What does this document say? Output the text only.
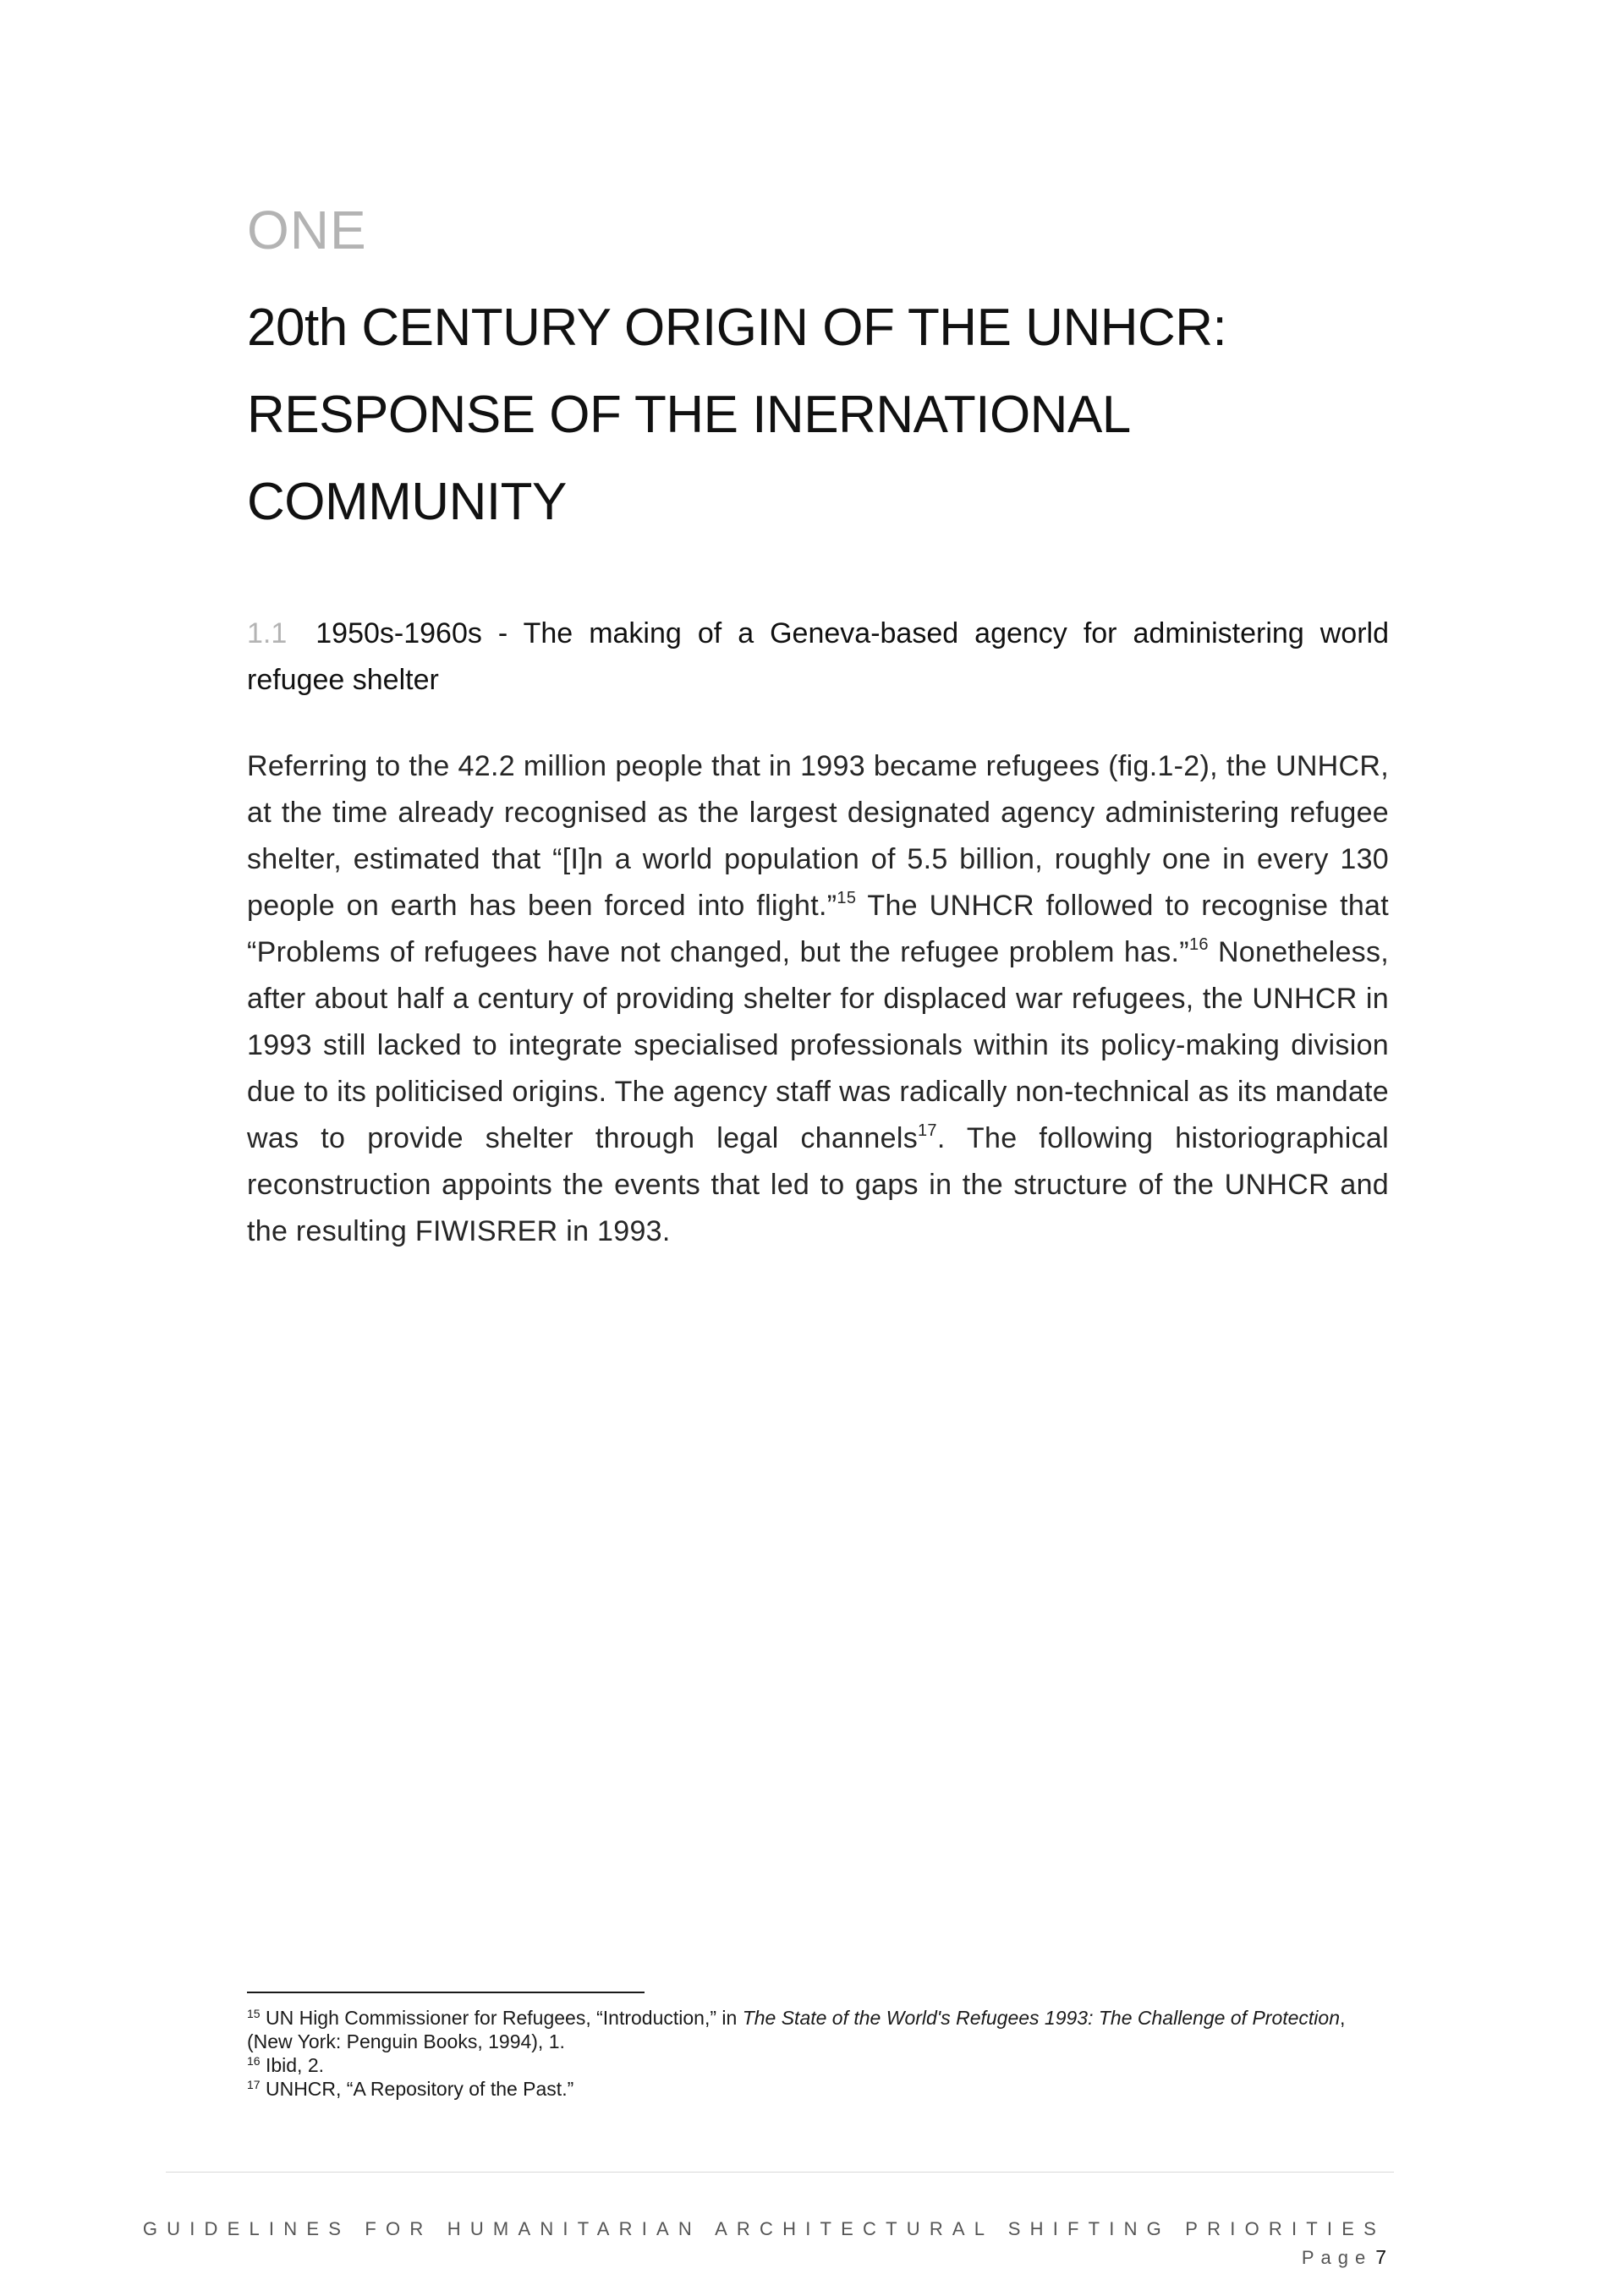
ONE
20th CENTURY ORIGIN OF THE UNHCR: RESPONSE OF THE INERNATIONAL COMMUNITY
1.1 1950s-1960s - The making of a Geneva-based agency for administering world refugee shelter

Referring to the 42.2 million people that in 1993 became refugees (fig.1-2), the UNHCR, at the time already recognised as the largest designated agency administering refugee shelter, estimated that “[I]n a world population of 5.5 billion, roughly one in every 130 people on earth has been forced into flight.”$^{15}$ The UNHCR followed to recognise that “Problems of refugees have not changed, but the refugee problem has.”$^{16}$ Nonetheless, after about half a century of providing shelter for displaced war refugees, the UNHCR in 1993 still lacked to integrate specialised professionals within its policy-making division due to its politicised origins. The agency staff was radically non-technical as its mandate was to provide shelter through legal channels$^{17}$. The following historiographical reconstruction appoints the events that led to gaps in the structure of the UNHCR and the resulting FIWISRER in 1993.

$^{15}$ UN High Commissioner for Refugees, “Introduction,” in The State of the World's Refugees 1993: The Challenge of Protection, (New York: Penguin Books, 1994), 1.

$^{16}$ Ibid, 2.

$^{17}$ UNHCR, “A Repository of the Past.”

GUIDELINES FOR HUMANITARIAN ARCHITECTURAL SHIFTING PRIORITIES

Page 7
